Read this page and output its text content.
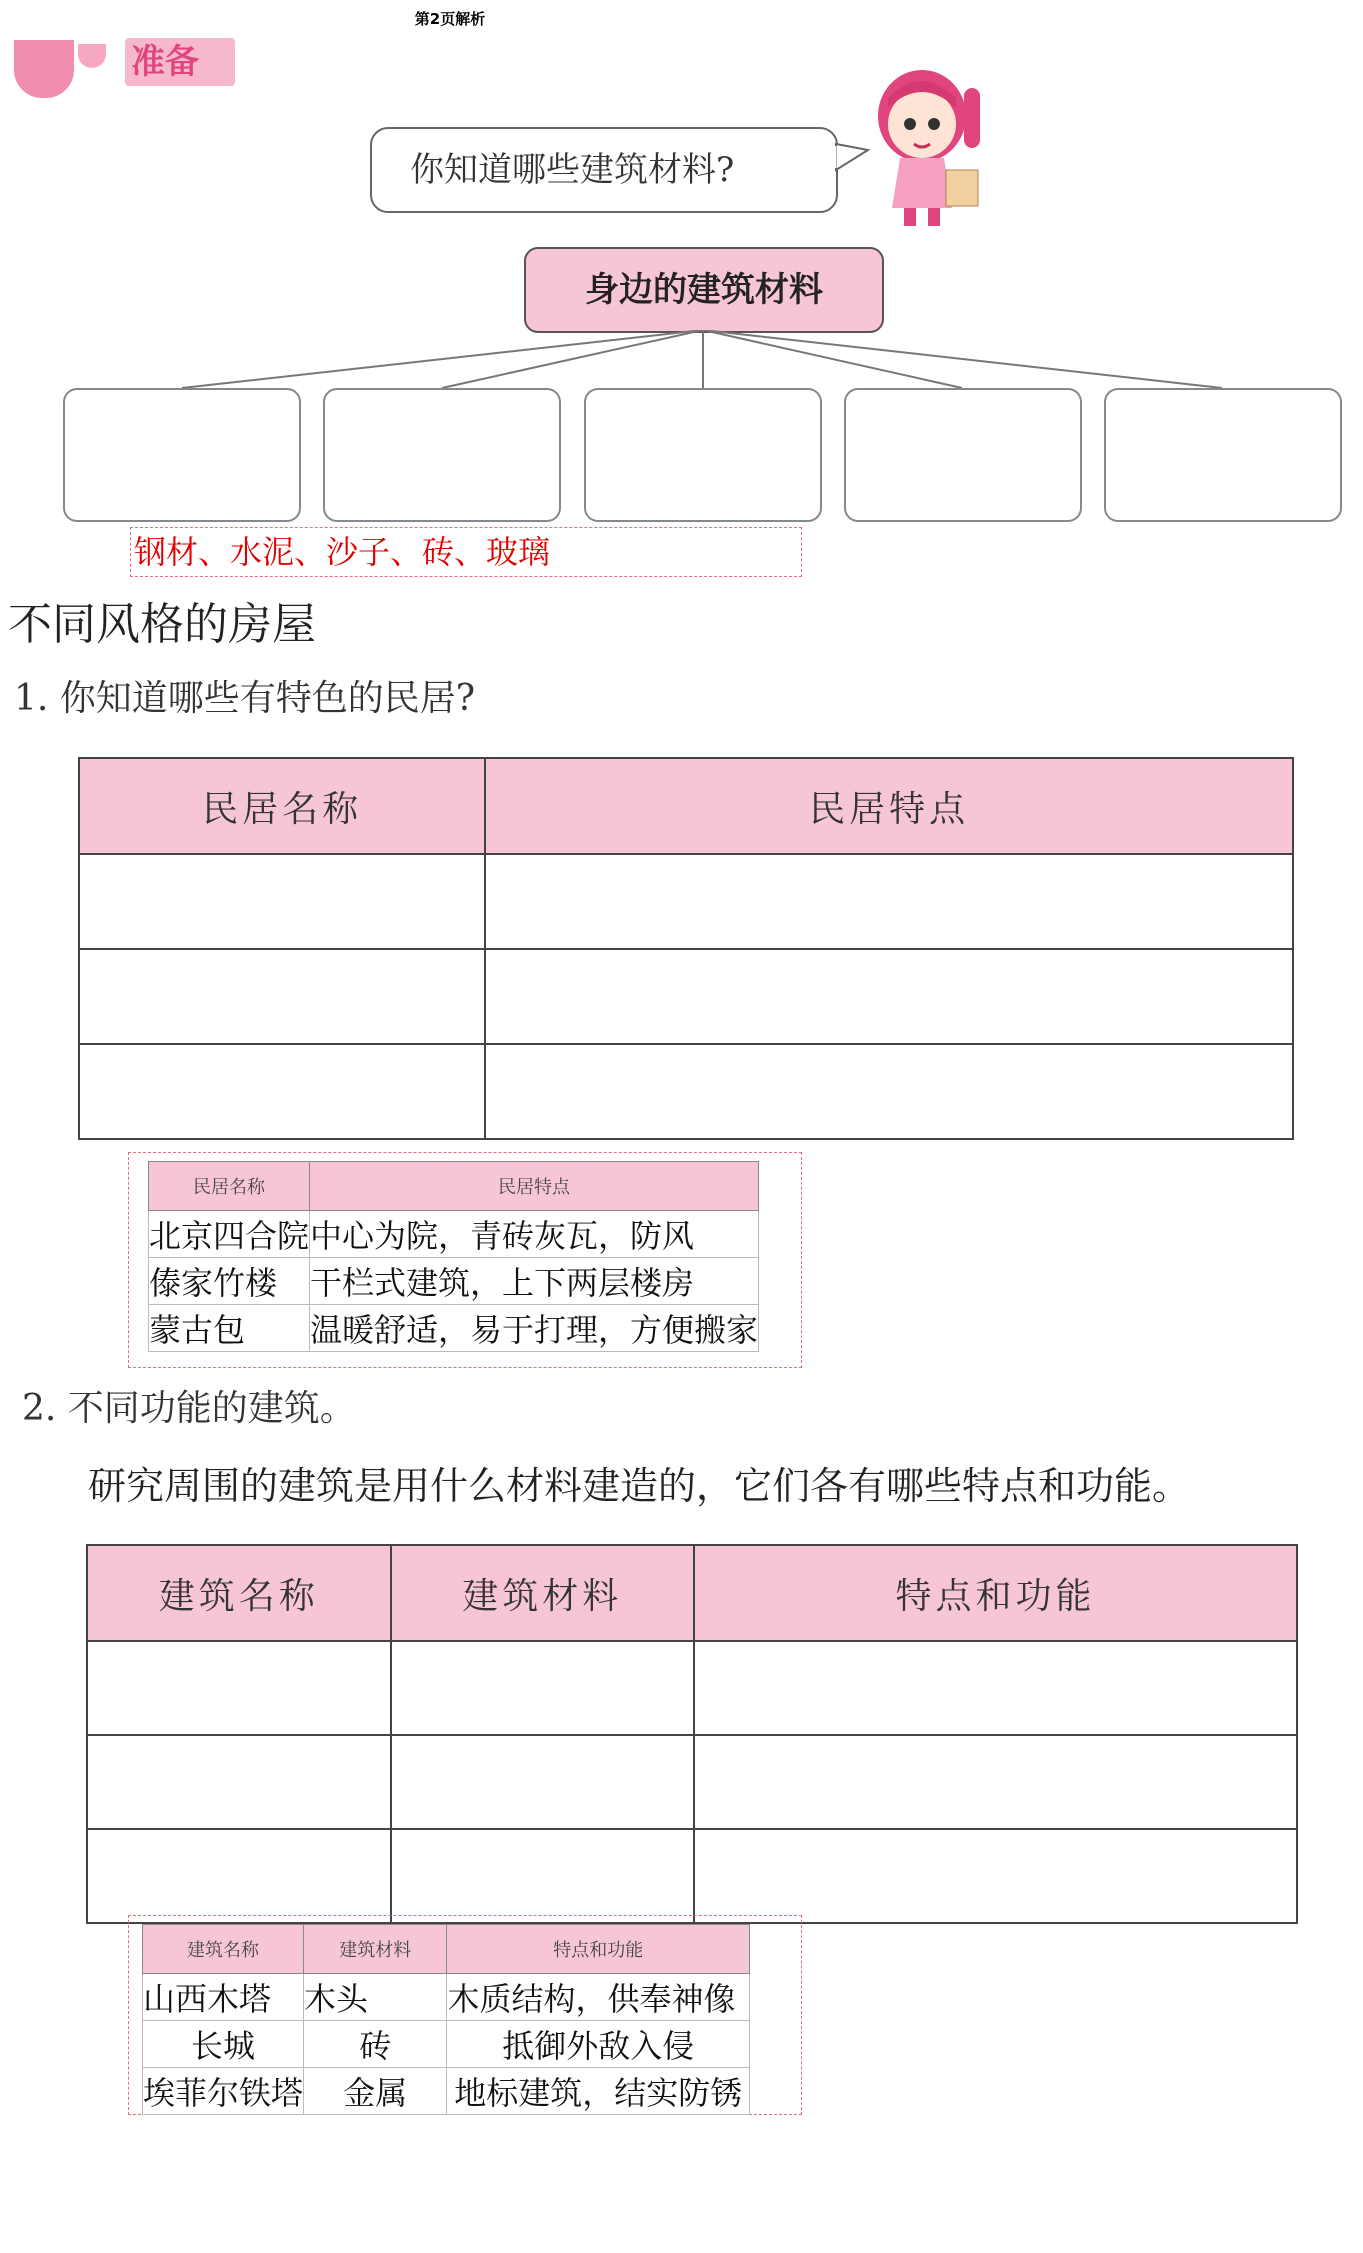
第2页解析
准备
你知道哪些建筑材料?
身边的建筑材料
钢材、水泥、沙子、砖、玻璃
不同风格的房屋
1. 你知道哪些有特色的民居?
民居名称	民居特点

民居名称	民居特点
北京四合院	中心为院，青砖灰瓦，防风
傣家竹楼	干栏式建筑，上下两层楼房
蒙古包	温暖舒适，易于打理，方便搬家
2. 不同功能的建筑。
研究周围的建筑是用什么材料建造的，它们各有哪些特点和功能。
建筑名称	建筑材料	特点和功能

建筑名称	建筑材料	特点和功能
山西木塔	木头	木质结构，供奉神像
长城	砖	抵御外敌入侵
埃菲尔铁塔	金属	地标建筑，结实防锈
